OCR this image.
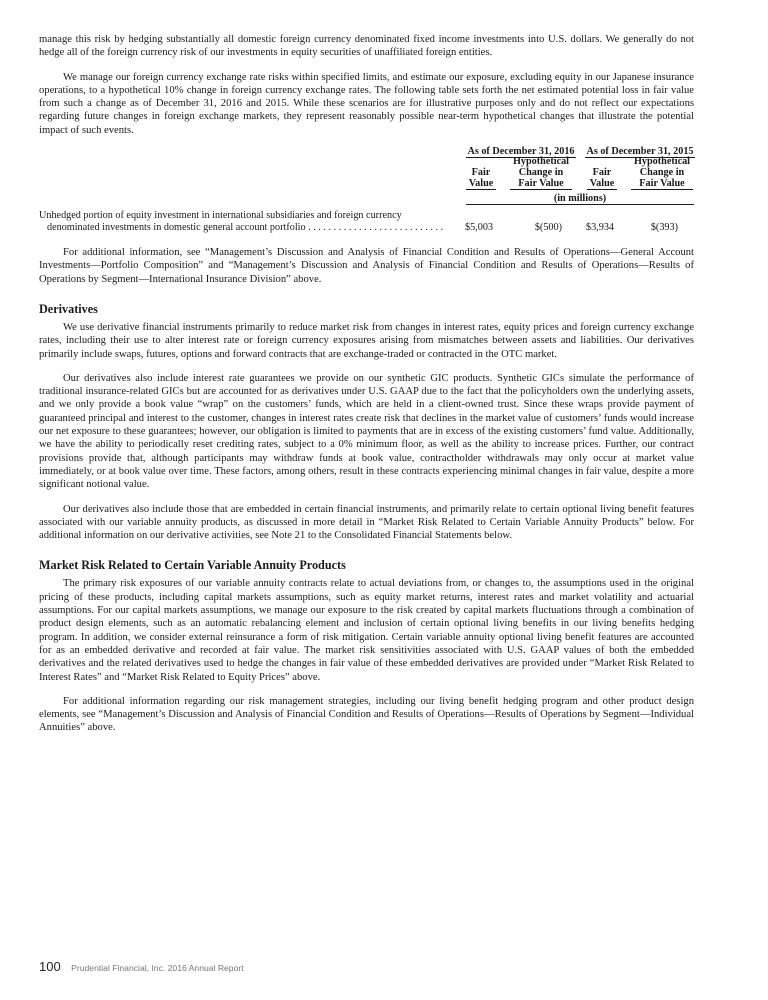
manage this risk by hedging substantially all domestic foreign currency denominated fixed income investments into U.S. dollars. We generally do not hedge all of the foreign currency risk of our investments in equity securities of unaffiliated foreign entities.

We manage our foreign currency exchange rate risks within specified limits, and estimate our exposure, excluding equity in our Japanese insurance operations, to a hypothetical 10% change in foreign currency exchange rates. The following table sets forth the net estimated potential loss in fair value from such a change as of December 31, 2016 and 2015. While these scenarios are for illustrative purposes only and do not reflect our expectations regarding future changes in foreign exchange markets, they represent reasonably possible near-term hypothetical changes that illustrate the potential impact of such events.

As of December 31, 2016 As of December 31, 2015
Fair
Value
Hypothetical
Change in
Fair Value
Fair
Value
Hypothetical
Change in
Fair Value
(in millions)
Unhedged portion of equity investment in international subsidiaries and foreign currency
denominated investments in domestic general account portfolio . . . . . . . . . . . . . . . . . . . . . . . . . . .	$5,003	$(500)	$3,934	$(393)

For additional information, see “Management’s Discussion and Analysis of Financial Condition and Results of Operations—General Account Investments—Portfolio Composition” and “Management’s Discussion and Analysis of Financial Condition and Results of Operations—Results of Operations by Segment—International Insurance Division” above.

Derivatives

We use derivative financial instruments primarily to reduce market risk from changes in interest rates, equity prices and foreign currency exchange rates, including their use to alter interest rate or foreign currency exposures arising from mismatches between assets and liabilities. Our derivatives primarily include swaps, futures, options and forward contracts that are exchange-traded or contracted in the OTC market.

Our derivatives also include interest rate guarantees we provide on our synthetic GIC products. Synthetic GICs simulate the performance of traditional insurance-related GICs but are accounted for as derivatives under U.S. GAAP due to the fact that the policyholders own the underlying assets, and we only provide a book value “wrap” on the customers’ funds, which are held in a client-owned trust. Since these wraps provide payment of guaranteed principal and interest to the customer, changes in interest rates create risk that declines in the market value of customers’ funds would increase our net exposure to these guarantees; however, our obligation is limited to payments that are in excess of the existing customers’ fund value. Additionally, we have the ability to periodically reset crediting rates, subject to a 0% minimum floor, as well as the ability to increase prices. Further, our contract provisions provide that, although participants may withdraw funds at book value, contractholder withdrawals may only occur at market value immediately, or at book value over time. These factors, among others, result in these contracts experiencing minimal changes in fair value, despite a more significant notional value.

Our derivatives also include those that are embedded in certain financial instruments, and primarily relate to certain optional living benefit features associated with our variable annuity products, as discussed in more detail in “Market Risk Related to Certain Variable Annuity Products” below. For additional information on our derivative activities, see Note 21 to the Consolidated Financial Statements below.

Market Risk Related to Certain Variable Annuity Products

The primary risk exposures of our variable annuity contracts relate to actual deviations from, or changes to, the assumptions used in the original pricing of these products, including capital markets assumptions, such as equity market returns, interest rates and market volatility and actuarial assumptions. For our capital markets assumptions, we manage our exposure to the risk created by capital markets fluctuations through a combination of product design elements, such as an automatic rebalancing element and inclusion of certain optional living benefits in our living benefits hedging program. In addition, we consider external reinsurance a form of risk mitigation. Certain variable annuity optional living benefit features are accounted for as an embedded derivative and recorded at fair value. The market risk sensitivities associated with U.S. GAAP values of both the embedded derivatives and the related derivatives used to hedge the changes in fair value of these embedded derivatives are provided under “Market Risk Related to Interest Rates” and “Market Risk Related to Equity Prices” above.

For additional information regarding our risk management strategies, including our living benefit hedging program and other product design elements, see “Management’s Discussion and Analysis of Financial Condition and Results of Operations—Results of Operations by Segment—Individual Annuities” above.

100 Prudential Financial, Inc. 2016 Annual Report
